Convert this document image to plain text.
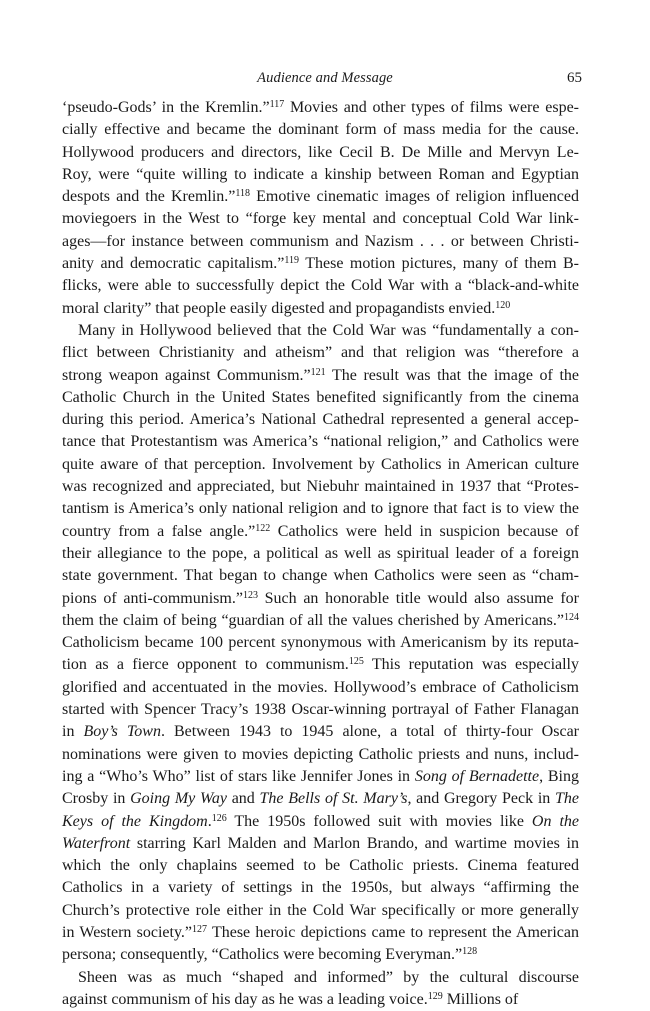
Audience and Message	65
‘pseudo-Gods’ in the Kremlin.”$^{117}$ Movies and other types of films were espe-
cially effective and became the dominant form of mass media for the cause.
Hollywood producers and directors, like Cecil B. De Mille and Mervyn Le-
Roy, were “quite willing to indicate a kinship between Roman and Egyptian
despots and the Kremlin.”$^{118}$ Emotive cinematic images of religion influenced
moviegoers in the West to “forge key mental and conceptual Cold War link-
ages—for instance between communism and Nazism . . . or between Christi-
anity and democratic capitalism.”$^{119}$ These motion pictures, many of them B-
flicks, were able to successfully depict the Cold War with a “black-and-white
moral clarity” that people easily digested and propagandists envied.$^{120}$
Many in Hollywood believed that the Cold War was “fundamentally a con-
flict between Christianity and atheism” and that religion was “therefore a
strong weapon against Communism.”$^{121}$ The result was that the image of the
Catholic Church in the United States benefited significantly from the cinema
during this period. America’s National Cathedral represented a general accep-
tance that Protestantism was America’s “national religion,” and Catholics were
quite aware of that perception. Involvement by Catholics in American culture
was recognized and appreciated, but Niebuhr maintained in 1937 that “Protes-
tantism is America’s only national religion and to ignore that fact is to view the
country from a false angle.”$^{122}$ Catholics were held in suspicion because of
their allegiance to the pope, a political as well as spiritual leader of a foreign
state government. That began to change when Catholics were seen as “cham-
pions of anti-communism.”$^{123}$ Such an honorable title would also assume for
them the claim of being “guardian of all the values cherished by Americans.”$^{124}$
Catholicism became 100 percent synonymous with Americanism by its reputa-
tion as a fierce opponent to communism.$^{125}$ This reputation was especially
glorified and accentuated in the movies. Hollywood’s embrace of Catholicism
started with Spencer Tracy’s 1938 Oscar-winning portrayal of Father Flanagan
in Boy’s Town. Between 1943 to 1945 alone, a total of thirty-four Oscar
nominations were given to movies depicting Catholic priests and nuns, includ-
ing a “Who’s Who” list of stars like Jennifer Jones in Song of Bernadette, Bing
Crosby in Going My Way and The Bells of St. Mary’s, and Gregory Peck in The
Keys of the Kingdom.$^{126}$ The 1950s followed suit with movies like On the
Waterfront starring Karl Malden and Marlon Brando, and wartime movies in
which the only chaplains seemed to be Catholic priests. Cinema featured
Catholics in a variety of settings in the 1950s, but always “affirming the
Church’s protective role either in the Cold War specifically or more generally
in Western society.”$^{127}$ These heroic depictions came to represent the American
persona; consequently, “Catholics were becoming Everyman.”$^{128}$
Sheen was as much “shaped and informed” by the cultural discourse
against communism of his day as he was a leading voice.$^{129}$ Millions of
